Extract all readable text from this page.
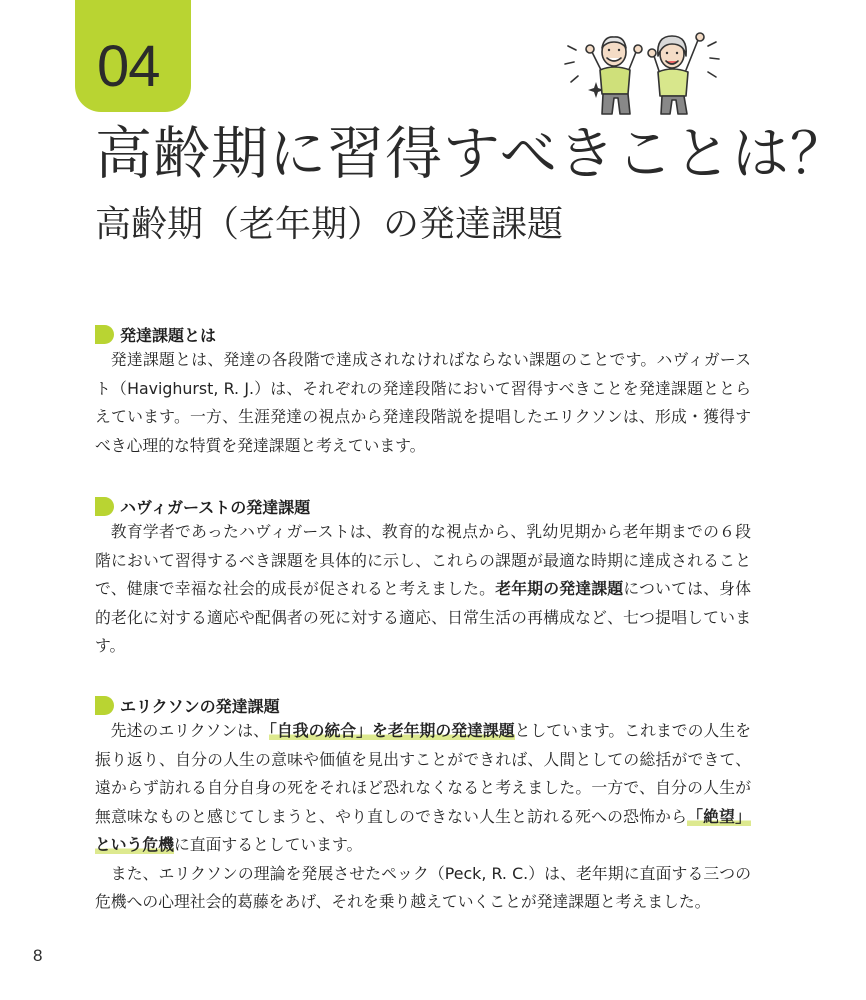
04
高齢期に習得すべきことは？
高齢期（老年期）の発達課題
発達課題とは

発達課題とは、発達の各段階で達成されなければならない課題のことです。ハヴィガースト（Havighurst, R. J.）は、それぞれの発達段階において習得すべきことを発達課題ととらえています。一方、生涯発達の視点から発達段階説を提唱したエリクソンは、形成・獲得すべき心理的な特質を発達課題と考えています。

ハヴィガーストの発達課題

教育学者であったハヴィガーストは、教育的な視点から、乳幼児期から老年期までの６段階において習得するべき課題を具体的に示し、これらの課題が最適な時期に達成されることで、健康で幸福な社会的成長が促されると考えました。老年期の発達課題については、身体的老化に対する適応や配偶者の死に対する適応、日常生活の再構成など、七つ提唱しています。

エリクソンの発達課題

先述のエリクソンは、「自我の統合」を老年期の発達課題としています。これまでの人生を振り返り、自分の人生の意味や価値を見出すことができれば、人間としての総括ができて、遠からず訪れる自分自身の死をそれほど恐れなくなると考えました。一方で、自分の人生が無意味なものと感じてしまうと、やり直しのできない人生と訪れる死への恐怖から「絶望」という危機に直面するとしています。

また、エリクソンの理論を発展させたペック（Peck, R. C.）は、老年期に直面する三つの危機への心理社会的葛藤をあげ、それを乗り越えていくことが発達課題と考えました。

8
